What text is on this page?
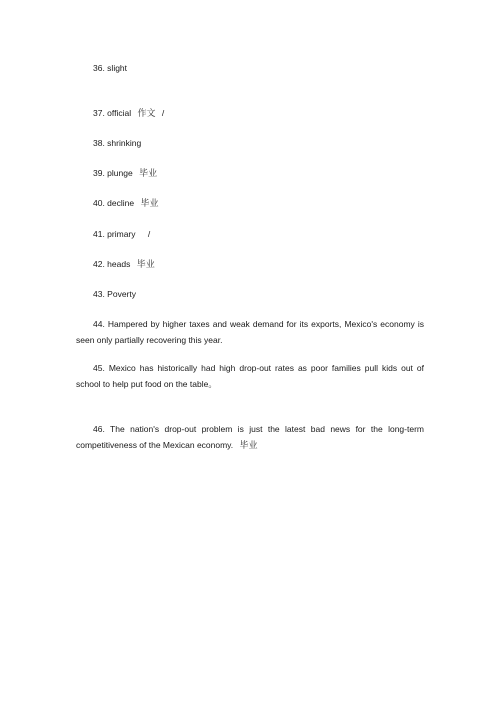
36. slight
37. official 作文 /
38. shrinking
39. plunge 毕业
40. decline 毕业
41. primary /
42. heads 毕业
43. Poverty
44. Hampered by higher taxes and weak demand for its exports, Mexico's economy is seen only partially recovering this year.
45. Mexico has historically had high drop-out rates as poor families pull kids out of school to help put food on the table。
46. The nation's drop-out problem is just the latest bad news for the long-term competitiveness of the Mexican economy. 毕业
